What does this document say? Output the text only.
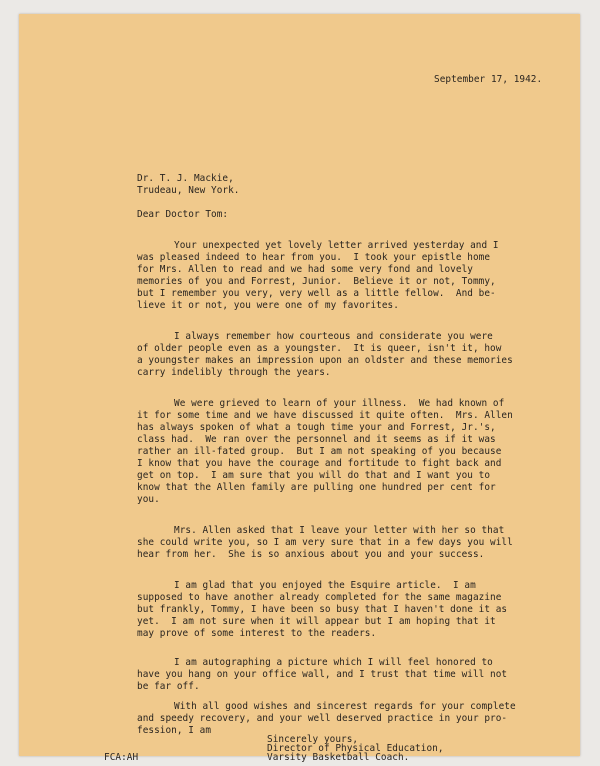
September 17, 1942.
Dr. T. J. Mackie,
Trudeau, New York.
Dear Doctor Tom:
Your unexpected yet lovely letter arrived yesterday and I
was pleased indeed to hear from you.  I took your epistle home
for Mrs. Allen to read and we had some very fond and lovely
memories of you and Forrest, Junior.  Believe it or not, Tommy,
but I remember you very, very well as a little fellow.  And be-
lieve it or not, you were one of my favorites.
I always remember how courteous and considerate you were
of older people even as a youngster.  It is queer, isn't it, how
a youngster makes an impression upon an oldster and these memories
carry indelibly through the years.
We were grieved to learn of your illness.  We had known of
it for some time and we have discussed it quite often.  Mrs. Allen
has always spoken of what a tough time your and Forrest, Jr.'s,
class had.  We ran over the personnel and it seems as if it was
rather an ill-fated group.  But I am not speaking of you because
I know that you have the courage and fortitude to fight back and
get on top.  I am sure that you will do that and I want you to
know that the Allen family are pulling one hundred per cent for
you.
Mrs. Allen asked that I leave your letter with her so that
she could write you, so I am very sure that in a few days you will
hear from her.  She is so anxious about you and your success.
I am glad that you enjoyed the Esquire article.  I am
supposed to have another already completed for the same magazine
but frankly, Tommy, I have been so busy that I haven't done it as
yet.  I am not sure when it will appear but I am hoping that it
may prove of some interest to the readers.
I am autographing a picture which I will feel honored to
have you hang on your office wall, and I trust that time will not
be far off.
With all good wishes and sincerest regards for your complete
and speedy recovery, and your well deserved practice in your pro-
fession, I am
Sincerely yours,
Director of Physical Education,
Varsity Basketball Coach.
FCA:AH
